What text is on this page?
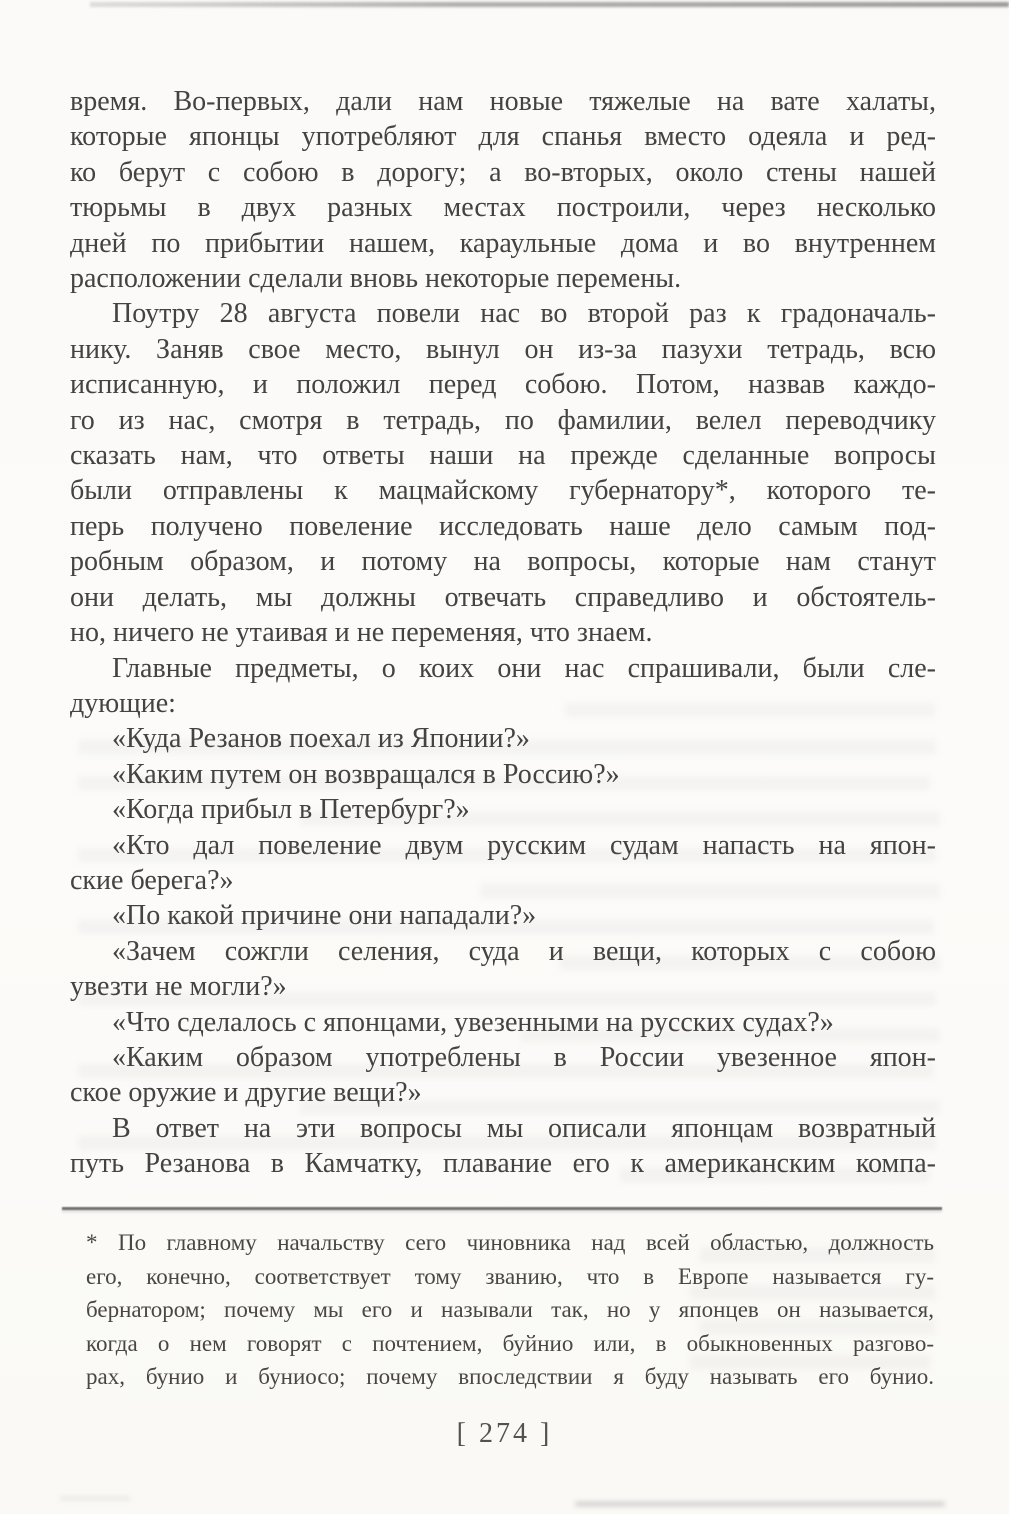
время. Во-первых, дали нам новые тяжелые на вате халаты,
которые японцы употребляют для спанья вместо одеяла и ред-
ко берут с собою в дорогу; а во-вторых, около стены нашей
тюрьмы в двух разных местах построили, через несколько
дней по прибытии нашем, караульные дома и во внутреннем
расположении сделали вновь некоторые перемены.
Поутру 28 августа повели нас во второй раз к градоначаль-
нику. Заняв свое место, вынул он из-за пазухи тетрадь, всю
исписанную, и положил перед собою. Потом, назвав каждо-
го из нас, смотря в тетрадь, по фамилии, велел переводчику
сказать нам, что ответы наши на прежде сделанные вопросы
были отправлены к мацмайскому губернатору*, которого те-
перь получено повеление исследовать наше дело самым под-
робным образом, и потому на вопросы, которые нам станут
они делать, мы должны отвечать справедливо и обстоятель-
но, ничего не утаивая и не переменяя, что знаем.
Главные предметы, о коих они нас спрашивали, были сле-
дующие:
«Куда Резанов поехал из Японии?»
«Каким путем он возвращался в Россию?»
«Когда прибыл в Петербург?»
«Кто дал повеление двум русским судам напасть на япон-
ские берега?»
«По какой причине они нападали?»
«Зачем сожгли селения, суда и вещи, которых с собою
увезти не могли?»
«Что сделалось с японцами, увезенными на русских судах?»
«Каким образом употреблены в России увезенное япон-
ское оружие и другие вещи?»
В ответ на эти вопросы мы описали японцам возвратный
путь Резанова в Камчатку, плавание его к американским компа-
* По главному начальству сего чиновника над всей областью, должность
его, конечно, соответствует тому званию, что в Европе называется гу-
бернатором; почему мы его и называли так, но у японцев он называется,
когда о нем говорят с почтением, буйнио или, в обыкновенных разгово-
рах, бунио и буниосо; почему впоследствии я буду называть его бунио.
[ 274 ]
